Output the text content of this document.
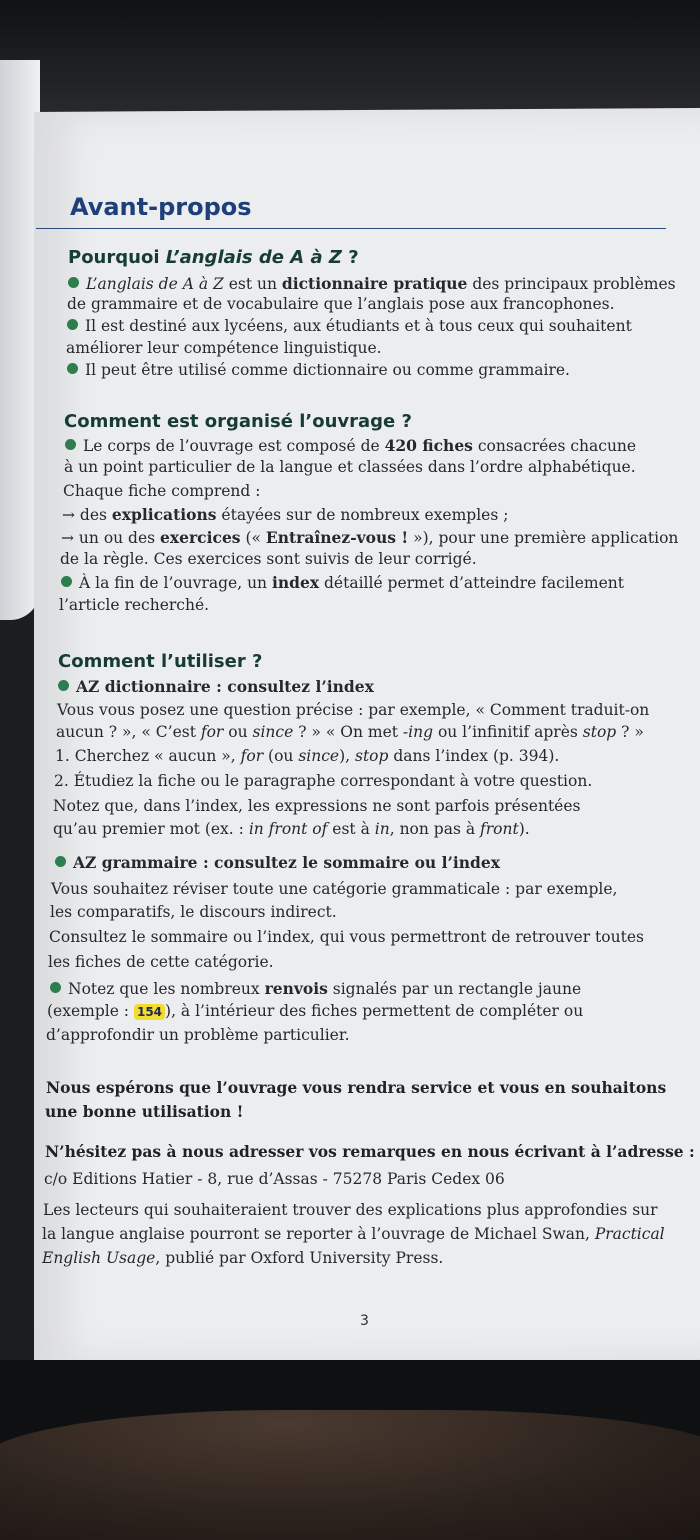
Avant-propos
Pourquoi L’anglais de A à Z ?
L’anglais de A à Z est un dictionnaire pratique des principaux problèmes
de grammaire et de vocabulaire que l’anglais pose aux francophones.
Il est destiné aux lycéens, aux étudiants et à tous ceux qui souhaitent
améliorer leur compétence linguistique.
Il peut être utilisé comme dictionnaire ou comme grammaire.
Comment est organisé l’ouvrage ?
Le corps de l’ouvrage est composé de 420 fiches consacrées chacune
à un point particulier de la langue et classées dans l’ordre alphabétique.
Chaque fiche comprend :
→ des explications étayées sur de nombreux exemples ;
→ un ou des exercices (« Entraînez-vous ! »), pour une première application
de la règle. Ces exercices sont suivis de leur corrigé.
À la fin de l’ouvrage, un index détaillé permet d’atteindre facilement
l’article recherché.
Comment l’utiliser ?
AZ dictionnaire : consultez l’index
Vous vous posez une question précise : par exemple, « Comment traduit-on
aucun ? », « C’est for ou since ? » « On met -ing ou l’infinitif après stop ? »
1. Cherchez « aucun », for (ou since), stop dans l’index (p. 394).
2. Étudiez la fiche ou le paragraphe correspondant à votre question.
Notez que, dans l’index, les expressions ne sont parfois présentées
qu’au premier mot (ex. : in front of est à in, non pas à front).
AZ grammaire : consultez le sommaire ou l’index
Vous souhaitez réviser toute une catégorie grammaticale : par exemple,
les comparatifs, le discours indirect.
Consultez le sommaire ou l’index, qui vous permettront de retrouver toutes
les fiches de cette catégorie.
Notez que les nombreux renvois signalés par un rectangle jaune
(exemple : 154 ), à l’intérieur des fiches permettent de compléter ou
d’approfondir un problème particulier.
Nous espérons que l’ouvrage vous rendra service et vous en souhaitons
une bonne utilisation !
N’hésitez pas à nous adresser vos remarques en nous écrivant à l’adresse :
c/o Editions Hatier - 8, rue d’Assas - 75278 Paris Cedex 06
Les lecteurs qui souhaiteraient trouver des explications plus approfondies sur
la langue anglaise pourront se reporter à l’ouvrage de Michael Swan, Practical
English Usage, publié par Oxford University Press.
3
